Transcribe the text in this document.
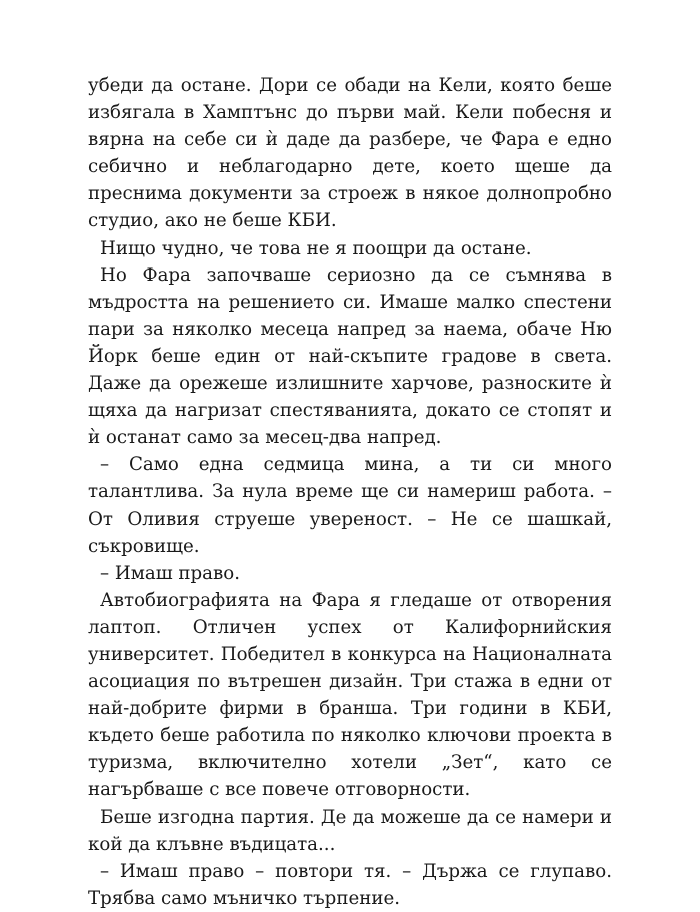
убеди да остане. Дори се обади на Кели, която беше избягала в Хамптънс до първи май. Кели побесня и вярна на себе си ѝ даде да разбере, че Фара е едно себично и неблагодарно дете, което щеше да преснима документи за строеж в някое долнопробно студио, ако не беше КБИ.

Нищо чудно, че това не я поощри да остане.

Но Фара започваше сериозно да се съмнява в мъдростта на решението си. Имаше малко спестени пари за няколко месеца напред за наема, обаче Ню Йорк беше един от най-скъпите градове в света. Даже да орежеше излишните харчове, разноските ѝ щяха да нагризат спестяванията, докато се стопят и ѝ останат само за месец-два напред.

– Само една седмица мина, а ти си много талантлива. За нула време ще си намериш работа. – От Оливия струеше увереност. – Не се шашкай, съкровище.

– Имаш право.

Автобиографията на Фара я гледаше от отворения лаптоп. Отличен успех от Калифорнийския университет. Победител в конкурса на Националната асоциация по вътрешен дизайн. Три стажа в едни от най-добрите фирми в бранша. Три години в КБИ, където беше работила по няколко ключови проекта в туризма, включително хотели „Зет“, като се нагърбваше с все повече отговорности.

Беше изгодна партия. Де да можеше да се намери и кой да клъвне въдицата...

– Имаш право – повтори тя. – Държа се глупаво. Трябва само мъничко търпение.
